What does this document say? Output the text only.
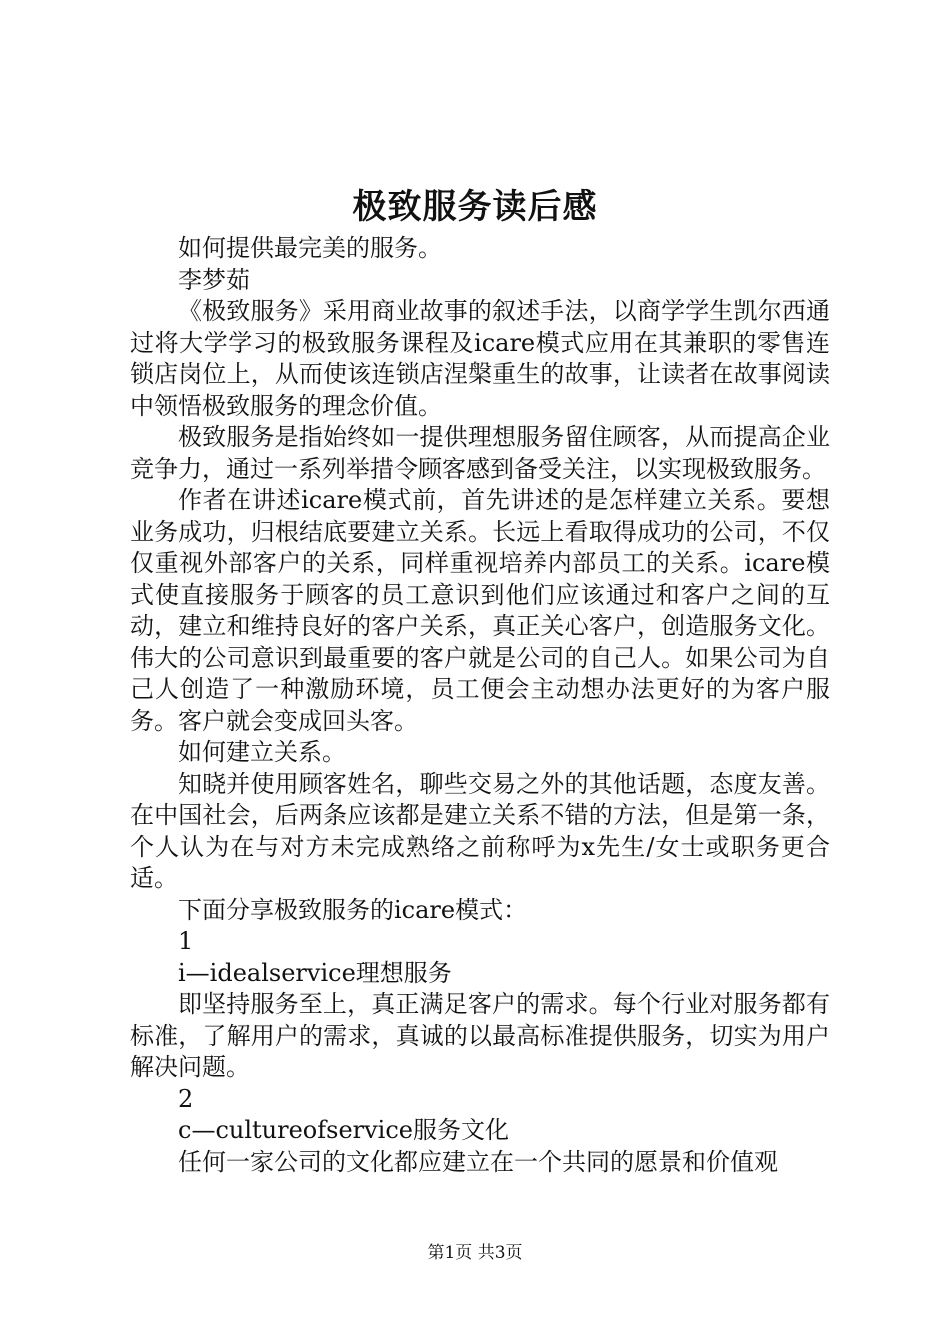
极致服务读后感

如何提供最完美的服务。

李梦茹

《极致服务》采用商业故事的叙述手法，以商学学生凯尔西通过将大学学习的极致服务课程及icare模式应用在其兼职的零售连锁店岗位上，从而使该连锁店涅槃重生的故事，让读者在故事阅读中领悟极致服务的理念价值。

极致服务是指始终如一提供理想服务留住顾客，从而提高企业竞争力，通过一系列举措令顾客感到备受关注，以实现极致服务。

作者在讲述icare模式前，首先讲述的是怎样建立关系。要想业务成功，归根结底要建立关系。长远上看取得成功的公司，不仅仅重视外部客户的关系，同样重视培养内部员工的关系。icare模式使直接服务于顾客的员工意识到他们应该通过和客户之间的互动，建立和维持良好的客户关系，真正关心客户，创造服务文化。伟大的公司意识到最重要的客户就是公司的自己人。如果公司为自己人创造了一种激励环境，员工便会主动想办法更好的为客户服务。客户就会变成回头客。

如何建立关系。

知晓并使用顾客姓名，聊些交易之外的其他话题，态度友善。在中国社会，后两条应该都是建立关系不错的方法，但是第一条，个人认为在与对方未完成熟络之前称呼为x先生/女士或职务更合适。

下面分享极致服务的icare模式：

1

i—idealservice理想服务

即坚持服务至上，真正满足客户的需求。每个行业对服务都有标准，了解用户的需求，真诚的以最高标准提供服务，切实为用户解决问题。

2

c—cultureofservice服务文化

任何一家公司的文化都应建立在一个共同的愿景和价值观

第1页 共3页
